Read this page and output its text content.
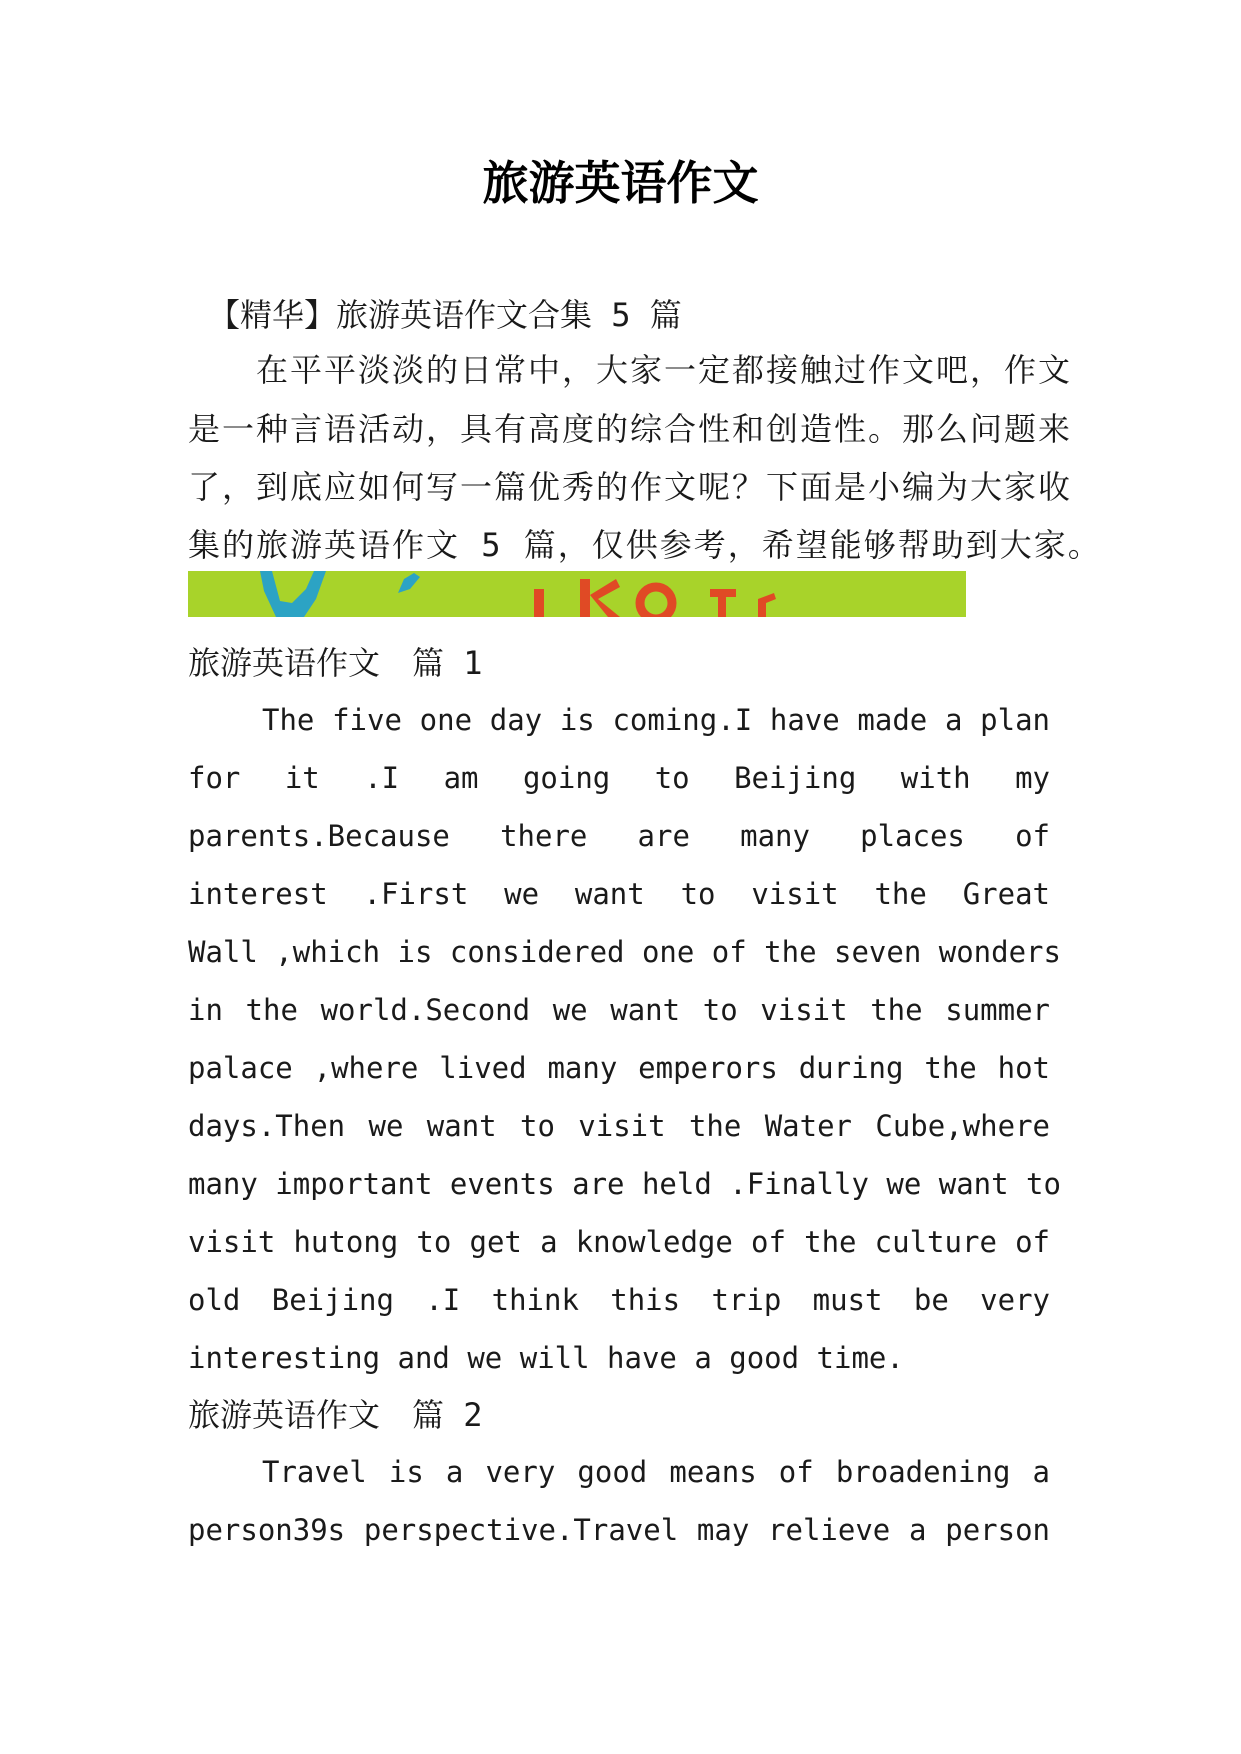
旅游英语作文
【精华】旅游英语作文合集 5 篇
　　在平平淡淡的日常中，大家一定都接触过作文吧，作文
是一种言语活动，具有高度的综合性和创造性。那么问题来
了，到底应如何写一篇优秀的作文呢？下面是小编为大家收
集的旅游英语作文 5 篇，仅供参考，希望能够帮助到大家。
旅游英语作文　篇 1
The five one day is coming.I have made a plan
for it .I am going to Beijing with my
parents.Because there are many places of
interest .First we want to visit the Great
Wall ,which is considered one of the seven wonders
in the world.Second we want to visit the summer
palace ,where lived many emperors during the hot
days.Then we want to visit the Water Cube,where
many important events are held .Finally we want to
visit hutong to get a knowledge of the culture of
old Beijing .I think this trip must be very
interesting and we will have a good time.
旅游英语作文　篇 2
Travel is a very good means of broadening a
person39s perspective.Travel may relieve a person
